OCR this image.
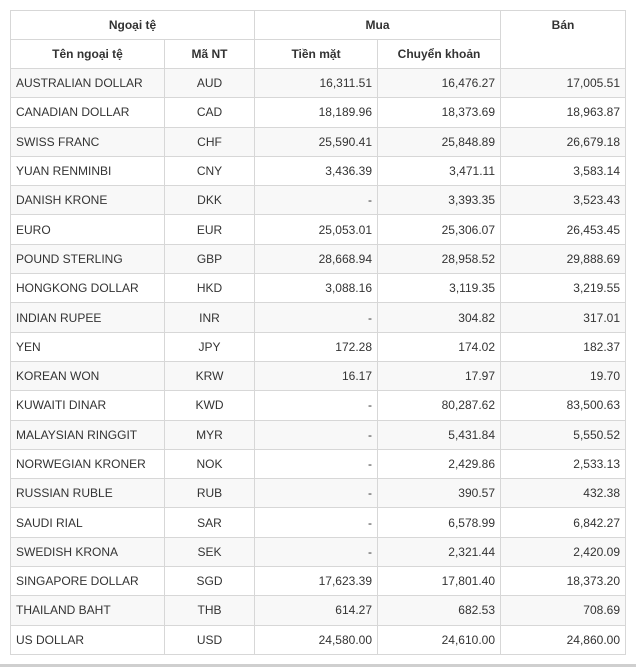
Ngoại tệ		Mua		Bán
Tên ngoại tệ	Mã NT	Tiền mặt	Chuyển khoản	
AUSTRALIAN DOLLAR	AUD	16,311.51	16,476.27	17,005.51
CANADIAN DOLLAR	CAD	18,189.96	18,373.69	18,963.87
SWISS FRANC	CHF	25,590.41	25,848.89	26,679.18
YUAN RENMINBI	CNY	3,436.39	3,471.11	3,583.14
DANISH KRONE	DKK	-	3,393.35	3,523.43
EURO	EUR	25,053.01	25,306.07	26,453.45
POUND STERLING	GBP	28,668.94	28,958.52	29,888.69
HONGKONG DOLLAR	HKD	3,088.16	3,119.35	3,219.55
INDIAN RUPEE	INR	-	304.82	317.01
YEN	JPY	172.28	174.02	182.37
KOREAN WON	KRW	16.17	17.97	19.70
KUWAITI DINAR	KWD	-	80,287.62	83,500.63
MALAYSIAN RINGGIT	MYR	-	5,431.84	5,550.52
NORWEGIAN KRONER	NOK	-	2,429.86	2,533.13
RUSSIAN RUBLE	RUB	-	390.57	432.38
SAUDI RIAL	SAR	-	6,578.99	6,842.27
SWEDISH KRONA	SEK	-	2,321.44	2,420.09
SINGAPORE DOLLAR	SGD	17,623.39	17,801.40	18,373.20
THAILAND BAHT	THB	614.27	682.53	708.69
US DOLLAR	USD	24,580.00	24,610.00	24,860.00
